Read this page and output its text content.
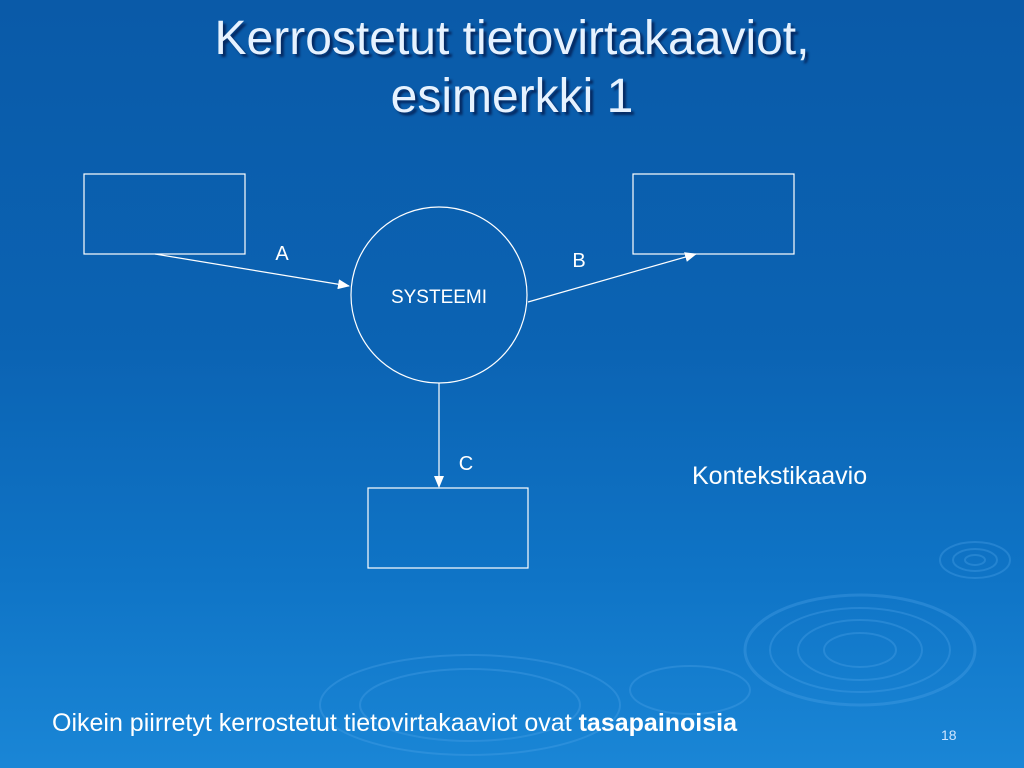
Kerrostetut tietovirtakaaviot,
esimerkki 1
SYSTEEMI
A	B
C	Kontekstikaavio
Oikein piirretyt kerrostetut tietovirtakaaviot ovat tasapainoisia	18
